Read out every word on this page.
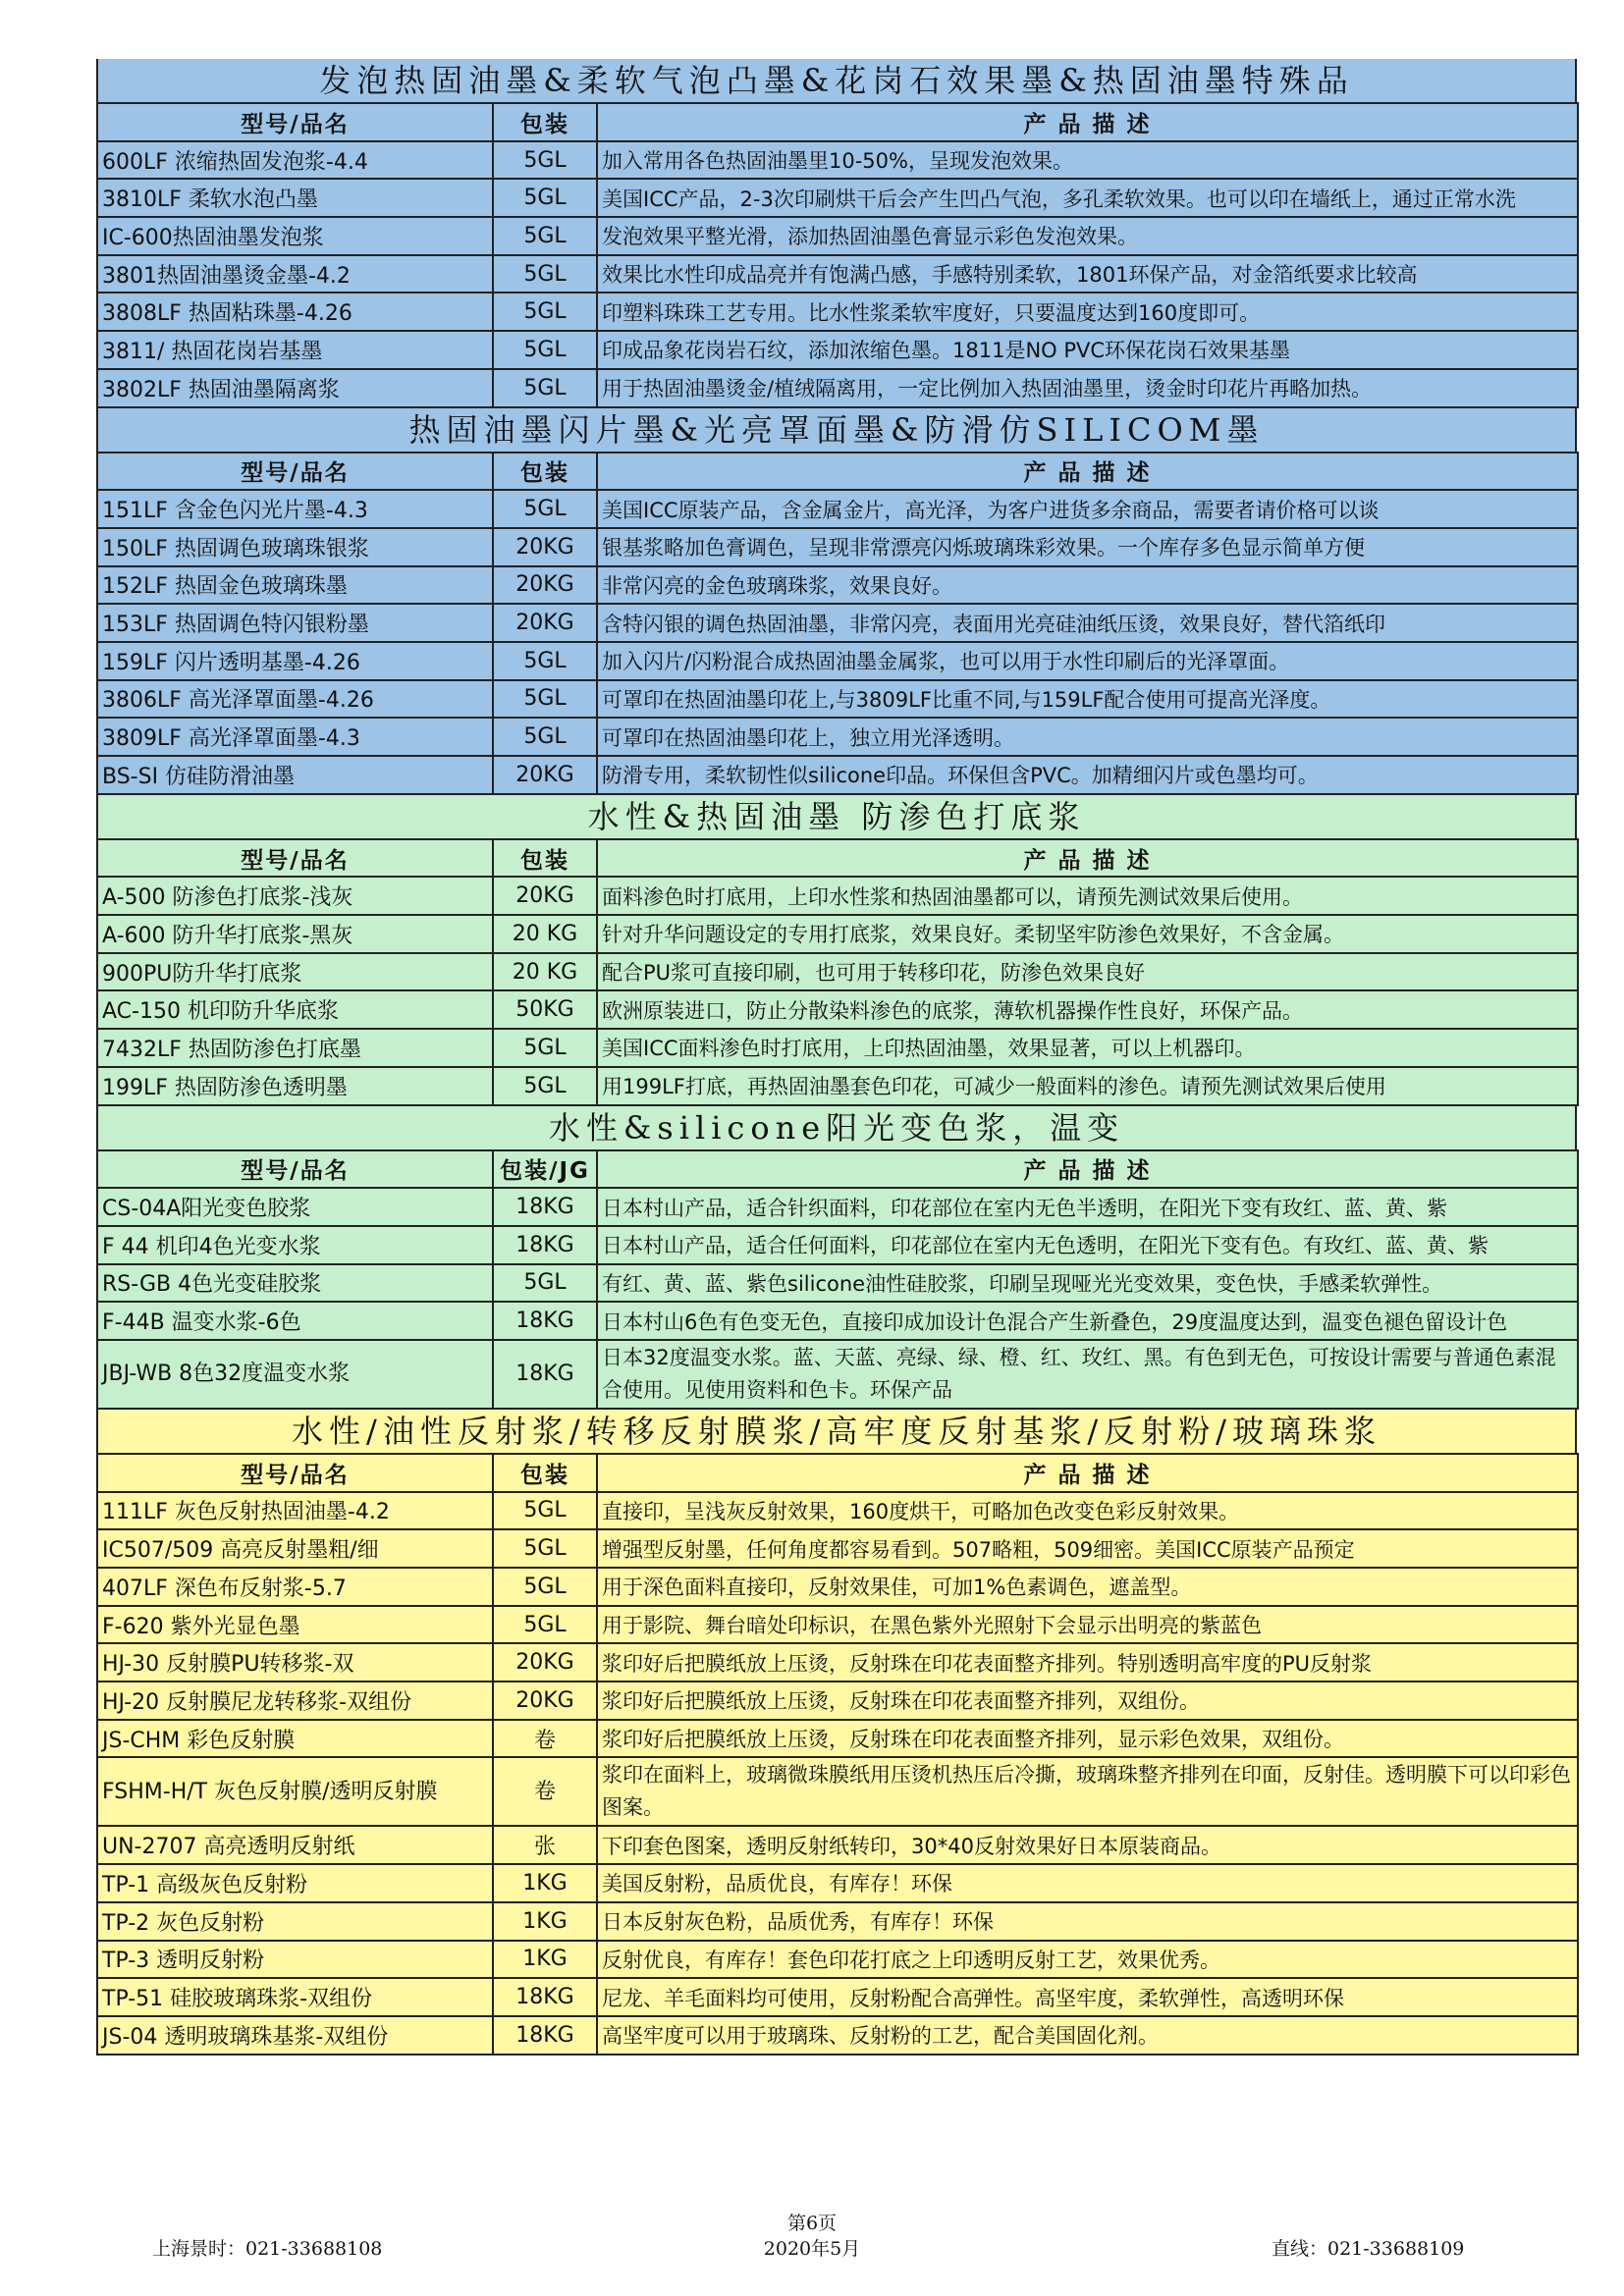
发泡热固油墨&柔软气泡凸墨&花岗石效果墨&热固油墨特殊品
型号/品名	包装	产 品 描 述
600LF 浓缩热固发泡浆-4.4	5GL	加入常用各色热固油墨里10-50%，呈现发泡效果。
3810LF 柔软水泡凸墨	5GL	美国ICC产品，2-3次印刷烘干后会产生凹凸气泡，多孔柔软效果。也可以印在墙纸上，通过正常水洗
IC-600热固油墨发泡浆	5GL	发泡效果平整光滑，添加热固油墨色膏显示彩色发泡效果。
3801热固油墨烫金墨-4.2	5GL	效果比水性印成品亮并有饱满凸感，手感特别柔软，1801环保产品，对金箔纸要求比较高
3808LF 热固粘珠墨-4.26	5GL	印塑料珠珠工艺专用。比水性浆柔软牢度好，只要温度达到160度即可。
3811/ 热固花岗岩基墨	5GL	印成品象花岗岩石纹，添加浓缩色墨。1811是NO PVC环保花岗石效果基墨
3802LF 热固油墨隔离浆	5GL	用于热固油墨烫金/植绒隔离用，一定比例加入热固油墨里，烫金时印花片再略加热。
热固油墨闪片墨&光亮罩面墨&防滑仿SILICOM墨
型号/品名	包装	产 品 描 述
151LF 含金色闪光片墨-4.3	5GL	美国ICC原装产品，含金属金片，高光泽，为客户进货多余商品，需要者请价格可以谈
150LF 热固调色玻璃珠银浆	20KG	银基浆略加色膏调色，呈现非常漂亮闪烁玻璃珠彩效果。一个库存多色显示简单方便
152LF 热固金色玻璃珠墨	20KG	非常闪亮的金色玻璃珠浆，效果良好。
153LF 热固调色特闪银粉墨	20KG	含特闪银的调色热固油墨，非常闪亮，表面用光亮硅油纸压烫，效果良好，替代箔纸印
159LF 闪片透明基墨-4.26	5GL	加入闪片/闪粉混合成热固油墨金属浆，也可以用于水性印刷后的光泽罩面。
3806LF 高光泽罩面墨-4.26	5GL	可罩印在热固油墨印花上,与3809LF比重不同,与159LF配合使用可提高光泽度。
3809LF 高光泽罩面墨-4.3	5GL	可罩印在热固油墨印花上，独立用光泽透明。
BS-SI 仿硅防滑油墨	20KG	防滑专用，柔软韧性似silicone印品。环保但含PVC。加精细闪片或色墨均可。
水性&热固油墨 防渗色打底浆
型号/品名	包装	产 品 描 述
A-500 防渗色打底浆-浅灰	20KG	面料渗色时打底用，上印水性浆和热固油墨都可以，请预先测试效果后使用。
A-600 防升华打底浆-黑灰	20 KG	针对升华问题设定的专用打底浆，效果良好。柔韧坚牢防渗色效果好，不含金属。
900PU防升华打底浆	20 KG	配合PU浆可直接印刷，也可用于转移印花，防渗色效果良好
AC-150 机印防升华底浆	50KG	欧洲原装进口，防止分散染料渗色的底浆，薄软机器操作性良好，环保产品。
7432LF 热固防渗色打底墨	5GL	美国ICC面料渗色时打底用，上印热固油墨，效果显著，可以上机器印。
199LF 热固防渗色透明墨	5GL	用199LF打底，再热固油墨套色印花，可减少一般面料的渗色。请预先测试效果后使用
水性&silicone阳光变色浆，温变
型号/品名	包装/JG	产 品 描 述
CS-04A阳光变色胶浆	18KG	日本村山产品，适合针织面料，印花部位在室内无色半透明，在阳光下变有玫红、蓝、黄、紫
F 44 机印4色光变水浆	18KG	日本村山产品，适合任何面料，印花部位在室内无色透明，在阳光下变有色。有玫红、蓝、黄、紫
RS-GB 4色光变硅胶浆	5GL	有红、黄、蓝、紫色silicone油性硅胶浆，印刷呈现哑光光变效果，变色快，手感柔软弹性。
F-44B 温变水浆-6色	18KG	日本村山6色有色变无色，直接印成加设计色混合产生新叠色，29度温度达到，温变色褪色留设计色
JBJ-WB 8色32度温变水浆	18KG	日本32度温变水浆。蓝、天蓝、亮绿、绿、橙、红、玫红、黑。有色到无色，可按设计需要与普通色素混合使用。见使用资料和色卡。环保产品
水性/油性反射浆/转移反射膜浆/高牢度反射基浆/反射粉/玻璃珠浆
型号/品名	包装	产 品 描 述
111LF 灰色反射热固油墨-4.2	5GL	直接印，呈浅灰反射效果，160度烘干，可略加色改变色彩反射效果。
IC507/509 高亮反射墨粗/细	5GL	增强型反射墨，任何角度都容易看到。507略粗，509细密。美国ICC原装产品预定
407LF 深色布反射浆-5.7	5GL	用于深色面料直接印，反射效果佳，可加1%色素调色，遮盖型。
F-620 紫外光显色墨	5GL	用于影院、舞台暗处印标识，在黑色紫外光照射下会显示出明亮的紫蓝色
HJ-30 反射膜PU转移浆-双	20KG	浆印好后把膜纸放上压烫，反射珠在印花表面整齐排列。特别透明高牢度的PU反射浆
HJ-20 反射膜尼龙转移浆-双组份	20KG	浆印好后把膜纸放上压烫，反射珠在印花表面整齐排列，双组份。
JS-CHM 彩色反射膜	卷	浆印好后把膜纸放上压烫，反射珠在印花表面整齐排列，显示彩色效果，双组份。
FSHM-H/T 灰色反射膜/透明反射膜	卷	浆印在面料上，玻璃微珠膜纸用压烫机热压后冷撕，玻璃珠整齐排列在印面，反射佳。透明膜下可以印彩色图案。
UN-2707 高亮透明反射纸	张	下印套色图案，透明反射纸转印，30*40反射效果好日本原装商品。
TP-1 高级灰色反射粉	1KG	美国反射粉，品质优良，有库存！环保
TP-2 灰色反射粉	1KG	日本反射灰色粉，品质优秀，有库存！环保
TP-3 透明反射粉	1KG	反射优良，有库存！套色印花打底之上印透明反射工艺，效果优秀。
TP-51 硅胶玻璃珠浆-双组份	18KG	尼龙、羊毛面料均可使用，反射粉配合高弹性。高坚牢度，柔软弹性，高透明环保
JS-04 透明玻璃珠基浆-双组份	18KG	高坚牢度可以用于玻璃珠、反射粉的工艺，配合美国固化剂。
第6页
2020年5月
上海景时：021-33688108	直线：021-33688109
